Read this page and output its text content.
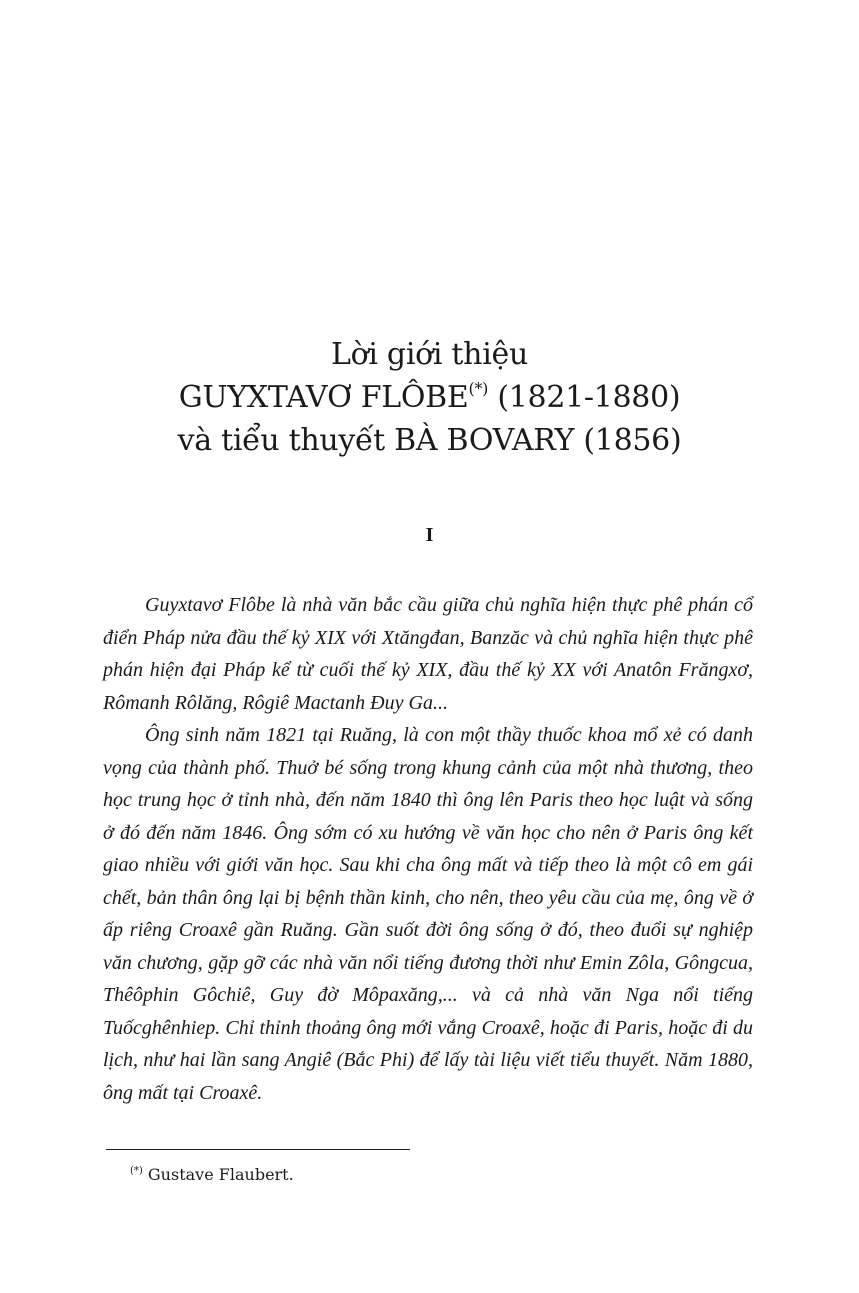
Lời giới thiệu
GUYXTAVƠ FLÔBE(*) (1821-1880)
và tiểu thuyết BÀ BOVARY (1856)
I

Guyxtavơ Flôbe là nhà văn bắc cầu giữa chủ nghĩa hiện thực phê phán cổ điển Pháp nửa đầu thế kỷ XIX với Xtăngđan, Banzăc và chủ nghĩa hiện thực phê phán hiện đại Pháp kể từ cuối thế kỷ XIX, đầu thế kỷ XX với Anatôn Frăngxơ, Rômanh Rôlăng, Rôgiê Mactanh Đuy Ga...

Ông sinh năm 1821 tại Ruăng, là con một thầy thuốc khoa mổ xẻ có danh vọng của thành phố. Thuở bé sống trong khung cảnh của một nhà thương, theo học trung học ở tỉnh nhà, đến năm 1840 thì ông lên Paris theo học luật và sống ở đó đến năm 1846. Ông sớm có xu hướng về văn học cho nên ở Paris ông kết giao nhiều với giới văn học. Sau khi cha ông mất và tiếp theo là một cô em gái chết, bản thân ông lại bị bệnh thần kinh, cho nên, theo yêu cầu của mẹ, ông về ở ấp riêng Croaxê gần Ruăng. Gần suốt đời ông sống ở đó, theo đuổi sự nghiệp văn chương, gặp gỡ các nhà văn nổi tiếng đương thời như Emin Zôla, Gôngcua, Thêôphin Gôchiê, Guy đờ Môpaxăng,... và cả nhà văn Nga nổi tiếng Tuốcghênhiep. Chỉ thỉnh thoảng ông mới vắng Croaxê, hoặc đi Paris, hoặc đi du lịch, như hai lần sang Angiê (Bắc Phi) để lấy tài liệu viết tiểu thuyết. Năm 1880, ông mất tại Croaxê.

(*) Gustave Flaubert.
